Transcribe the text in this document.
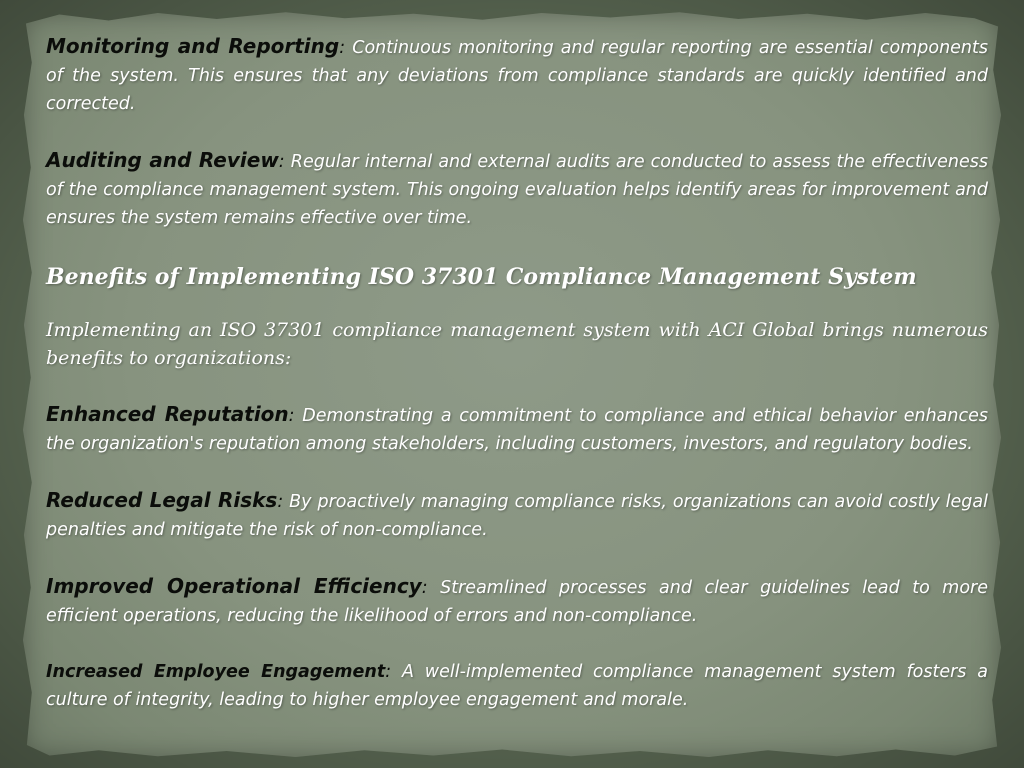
Monitoring and Reporting: Continuous monitoring and regular reporting are essential components of the system. This ensures that any deviations from compliance standards are quickly identified and corrected.

Auditing and Review: Regular internal and external audits are conducted to assess the effectiveness of the compliance management system. This ongoing evaluation helps identify areas for improvement and ensures the system remains effective over time.

Benefits of Implementing ISO 37301 Compliance Management System

Implementing an ISO 37301 compliance management system with ACI Global brings numerous benefits to organizations:

Enhanced Reputation: Demonstrating a commitment to compliance and ethical behavior enhances the organization's reputation among stakeholders, including customers, investors, and regulatory bodies.

Reduced Legal Risks: By proactively managing compliance risks, organizations can avoid costly legal penalties and mitigate the risk of non-compliance.

Improved Operational Efficiency: Streamlined processes and clear guidelines lead to more efficient operations, reducing the likelihood of errors and non-compliance.

Increased Employee Engagement: A well-implemented compliance management system fosters a culture of integrity, leading to higher employee engagement and morale.
